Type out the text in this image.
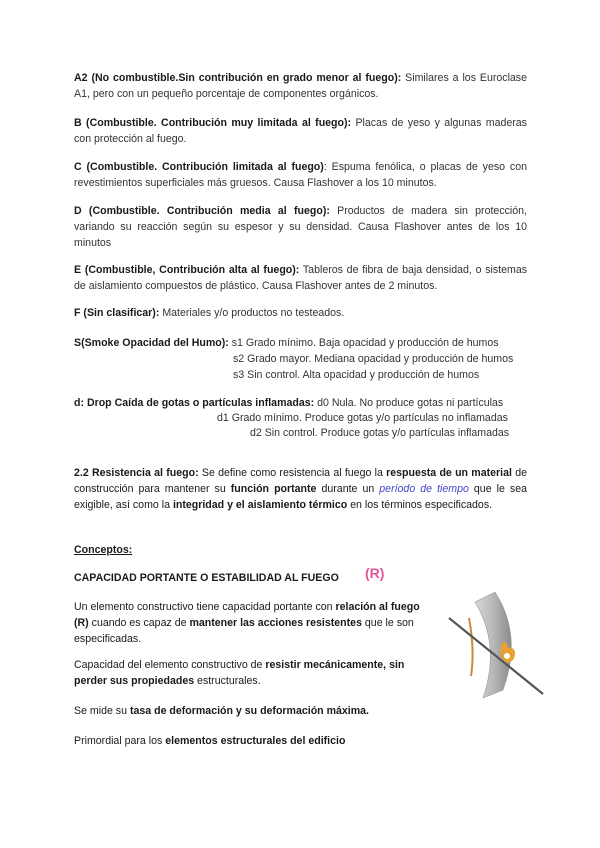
A2 (No combustible.Sin contribución en grado menor al fuego): Similares a los Euroclase A1, pero con un pequeño porcentaje de componentes orgánicos.
B (Combustible. Contribución muy limitada al fuego): Placas de yeso y algunas maderas con protección al fuego.
C (Combustible. Contribución limitada al fuego): Espuma fenólica, o placas de yeso con revestimientos superficiales más gruesos. Causa Flashover a los 10 minutos.
D (Combustible. Contribución media al fuego): Productos de madera sin protección, variando su reacción según su espesor y su densidad. Causa Flashover antes de los 10 minutos
E (Combustible, Contribución alta al fuego): Tableros de fibra de baja densidad, o sistemas de aislamiento compuestos de plástico. Causa Flashover antes de 2 minutos.
F (Sin clasificar): Materiales y/o productos no testeados.
S(Smoke Opacidad del Humo): s1 Grado mínimo. Baja opacidad y producción de humos
s2 Grado mayor. Mediana opacidad y producción de humos
s3 Sin control. Alta opacidad y producción de humos
d: Drop Caída de gotas o partículas inflamadas: d0 Nula. No produce gotas ni partículas
d1 Grado mínimo. Produce gotas y/o partículas no inflamadas
d2 Sin control. Produce gotas y/o partículas inflamadas
2.2 Resistencia al fuego: Se define como resistencia al fuego la respuesta de un material de construcción para mantener su función portante durante un período de tiempo que le sea exigible, así como la integridad y el aislamiento térmico en los términos especificados.
Conceptos:
CAPACIDAD PORTANTE O ESTABILIDAD AL FUEGO (R)
Un elemento constructivo tiene capacidad portante con relación al fuego (R) cuando es capaz de mantener las acciones resistentes que le son especificadas.
Capacidad del elemento constructivo de resistir mecánicamente, sin perder sus propiedades estructurales.
Se mide su tasa de deformación y su deformación máxima.
Primordial para los elementos estructurales del edificio
